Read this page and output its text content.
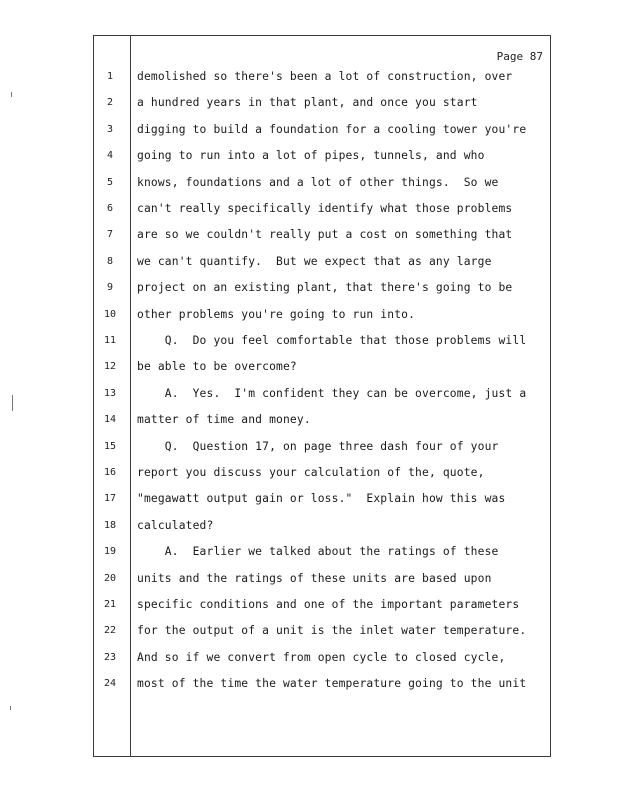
Page 87
1	demolished so there's been a lot of construction, over
2	a hundred years in that plant, and once you start
3	digging to build a foundation for a cooling tower you're
4	going to run into a lot of pipes, tunnels, and who
5	knows, foundations and a lot of other things.  So we
6	can't really specifically identify what those problems
7	are so we couldn't really put a cost on something that
8	we can't quantify.  But we expect that as any large
9	project on an existing plant, that there's going to be
10	other problems you're going to run into.
11	Q.  Do you feel comfortable that those problems will
12	be able to be overcome?
13	A.  Yes.  I'm confident they can be overcome, just a
14	matter of time and money.
15	Q.  Question 17, on page three dash four of your
16	report you discuss your calculation of the, quote,
17	"megawatt output gain or loss."  Explain how this was
18	calculated?
19	A.  Earlier we talked about the ratings of these
20	units and the ratings of these units are based upon
21	specific conditions and one of the important parameters
22	for the output of a unit is the inlet water temperature.
23	And so if we convert from open cycle to closed cycle,
24	most of the time the water temperature going to the unit
